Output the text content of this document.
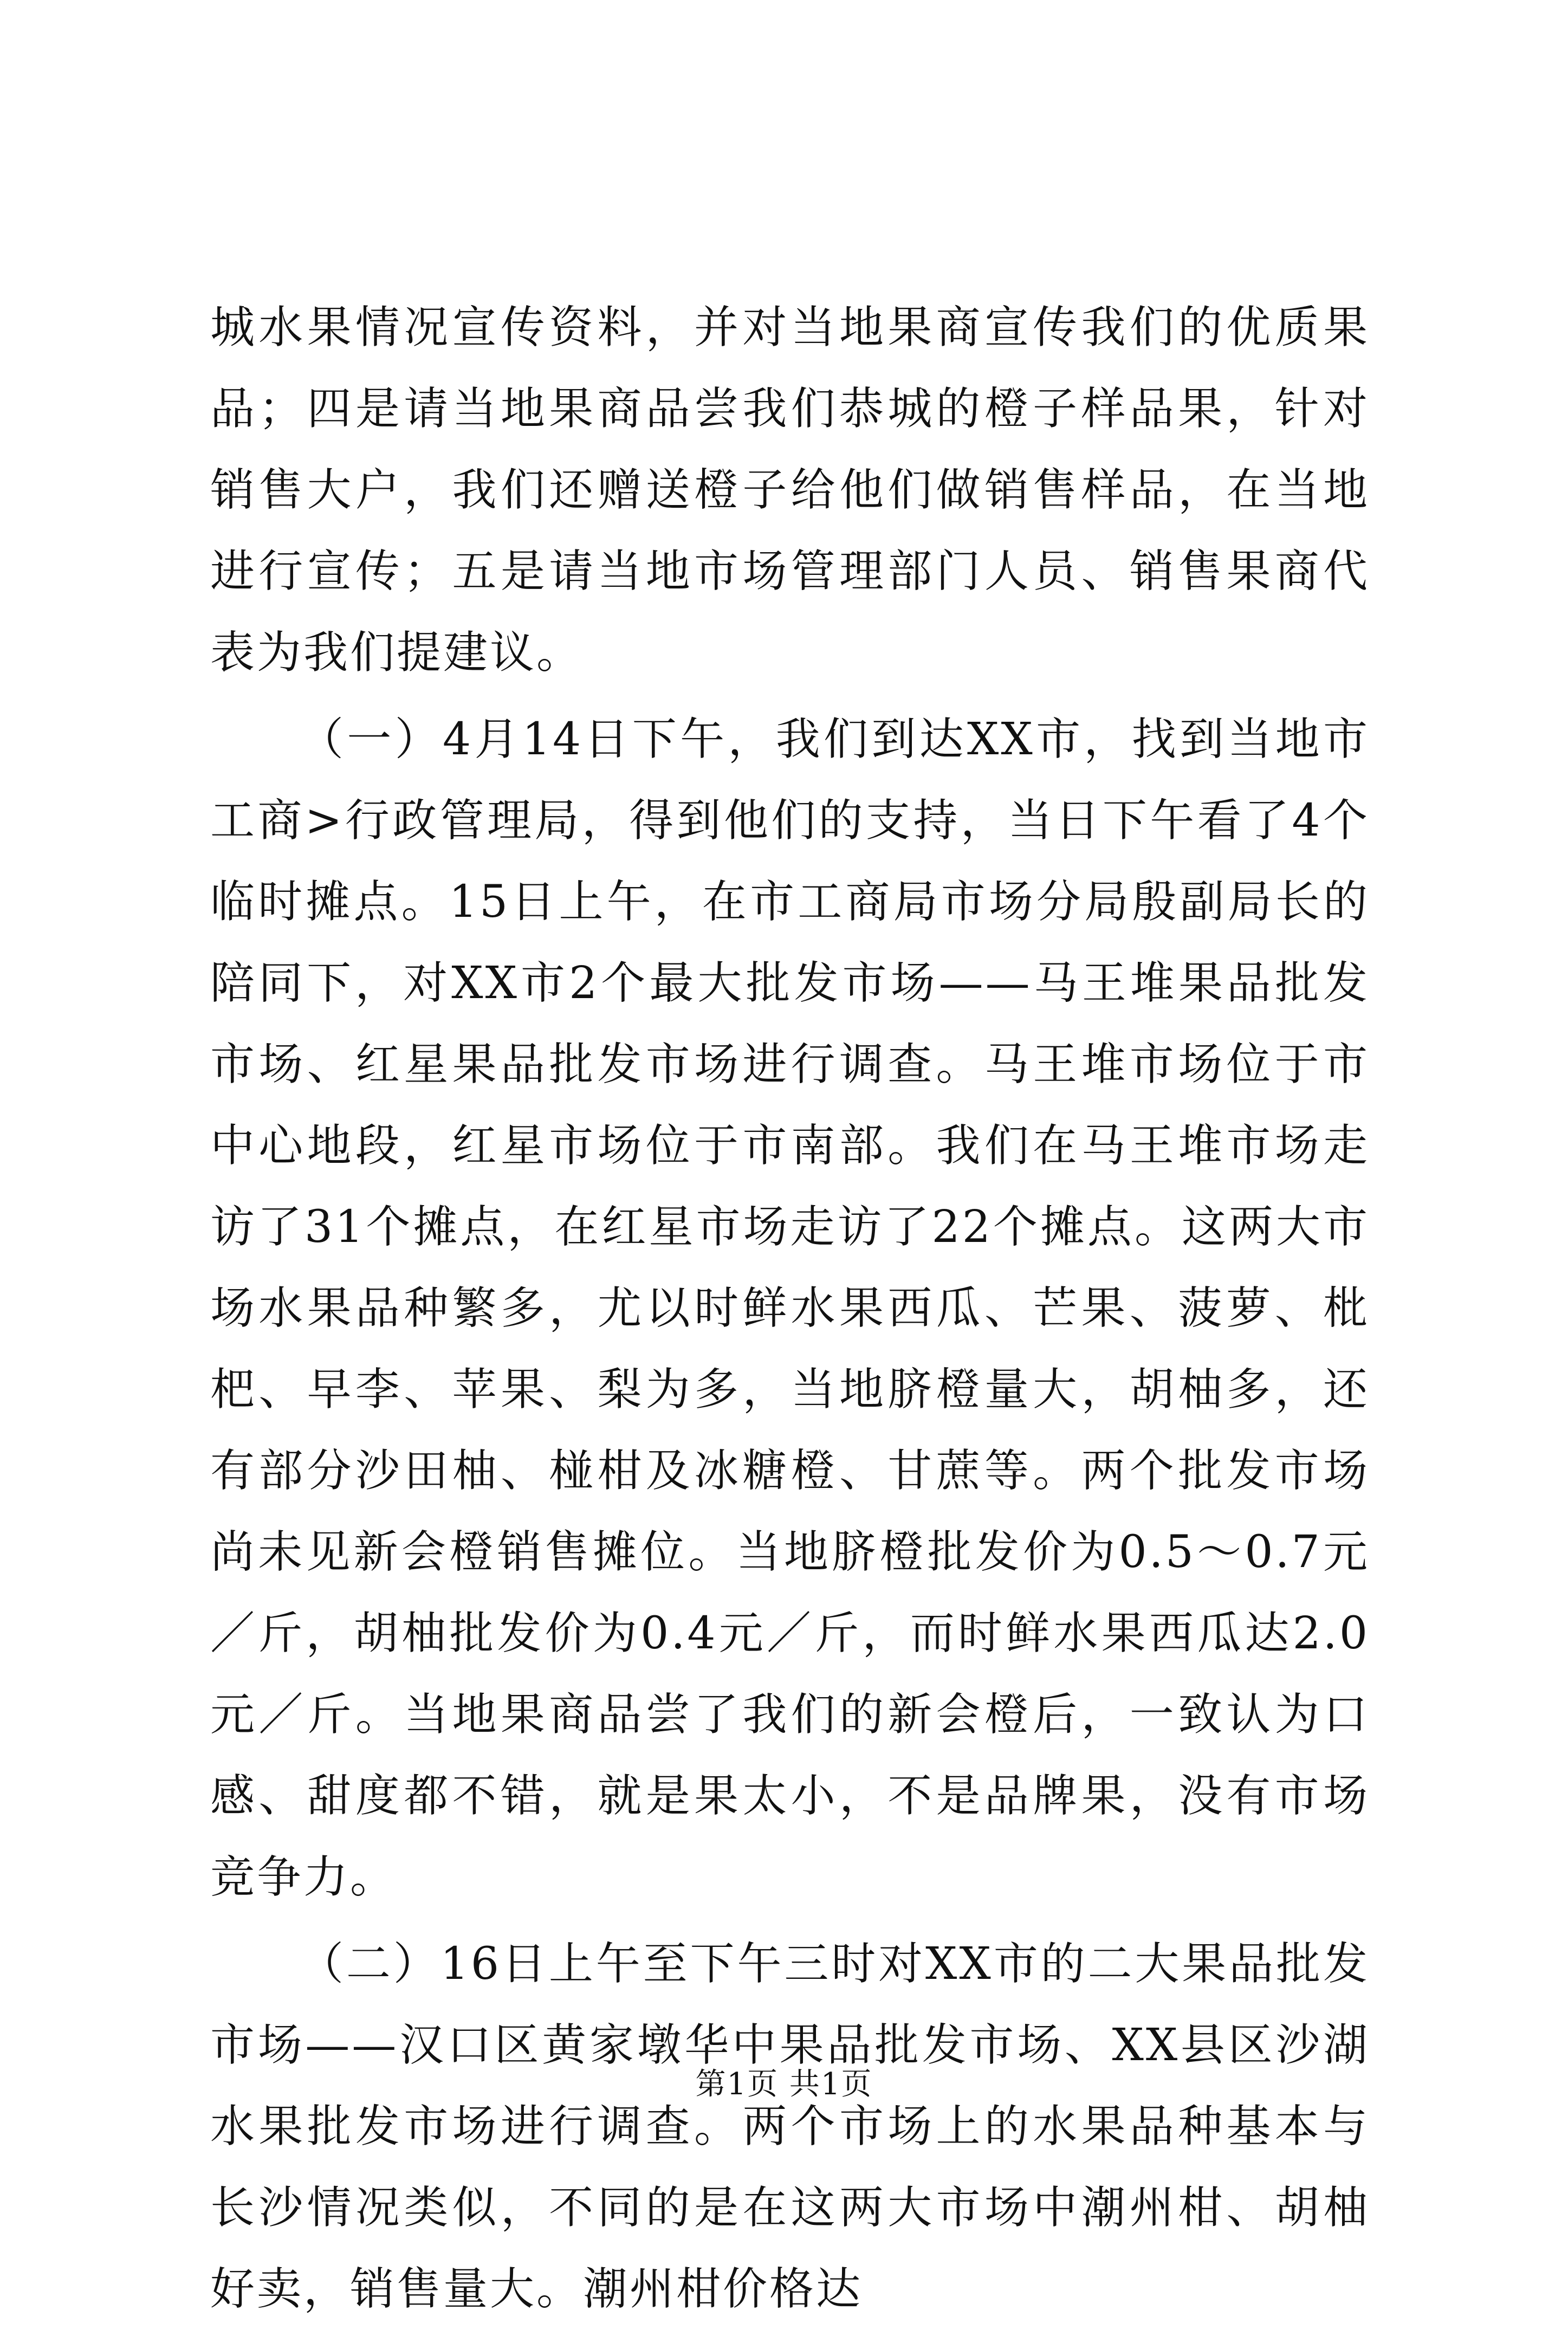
城水果情况宣传资料，并对当地果商宣传我们的优质果品；四是请当地果商品尝我们恭城的橙子样品果，针对销售大户，我们还赠送橙子给他们做销售样品，在当地进行宣传；五是请当地市场管理部门人员、销售果商代表为我们提建议。

（一）4月14日下午，我们到达XX市，找到当地市工商>行政管理局，得到他们的支持，当日下午看了4个临时摊点。15日上午，在市工商局市场分局殷副局长的陪同下，对XX市2个最大批发市场——马王堆果品批发市场、红星果品批发市场进行调查。马王堆市场位于市中心地段，红星市场位于市南部。我们在马王堆市场走访了31个摊点，在红星市场走访了22个摊点。这两大市场水果品种繁多，尤以时鲜水果西瓜、芒果、菠萝、枇杷、早李、苹果、梨为多，当地脐橙量大，胡柚多，还有部分沙田柚、椪柑及冰糖橙、甘蔗等。两个批发市场尚未见新会橙销售摊位。当地脐橙批发价为0.5～0.7元／斤，胡柚批发价为0.4元／斤，而时鲜水果西瓜达2.0元／斤。当地果商品尝了我们的新会橙后，一致认为口感、甜度都不错，就是果太小，不是品牌果，没有市场竞争力。

（二）16日上午至下午三时对XX市的二大果品批发市场——汉口区黄家墩华中果品批发市场、XX县区沙湖水果批发市场进行调查。两个市场上的水果品种基本与长沙情况类似，不同的是在这两大市场中潮州柑、胡柚好卖，销售量大。潮州柑价格达

第1页 共1页
